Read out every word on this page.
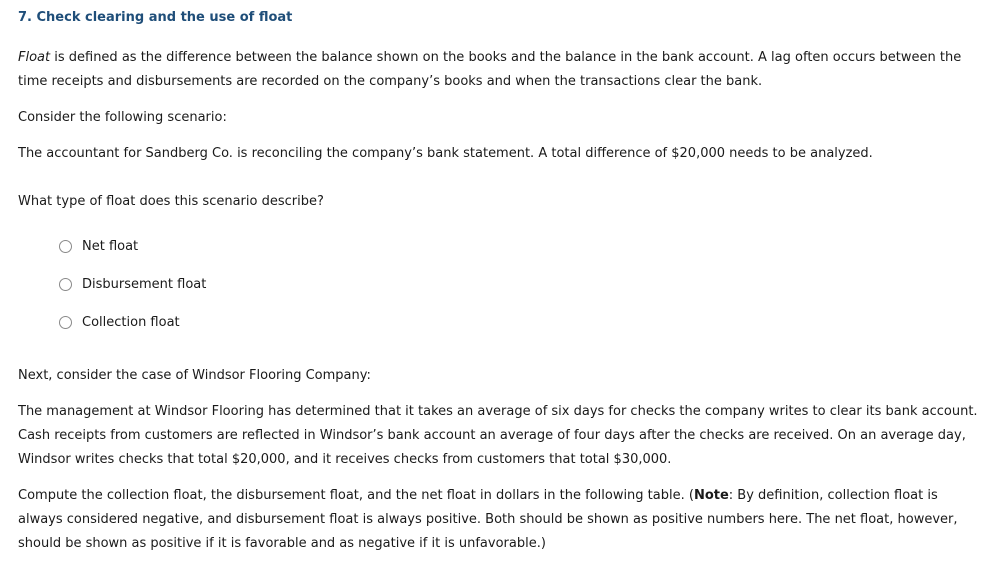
7. Check clearing and the use of float

Float is defined as the difference between the balance shown on the books and the balance in the bank account. A lag often occurs between the time receipts and disbursements are recorded on the company’s books and when the transactions clear the bank.

Consider the following scenario:

The accountant for Sandberg Co. is reconciling the company’s bank statement. A total difference of $20,000 needs to be analyzed.

What type of float does this scenario describe?

Net float
Disbursement float
Collection float

Next, consider the case of Windsor Flooring Company:

The management at Windsor Flooring has determined that it takes an average of six days for checks the company writes to clear its bank account. Cash receipts from customers are reflected in Windsor’s bank account an average of four days after the checks are received. On an average day, Windsor writes checks that total $20,000, and it receives checks from customers that total $30,000.

Compute the collection float, the disbursement float, and the net float in dollars in the following table. (Note: By definition, collection float is always considered negative, and disbursement float is always positive. Both should be shown as positive numbers here. The net float, however, should be shown as positive if it is favorable and as negative if it is unfavorable.)
